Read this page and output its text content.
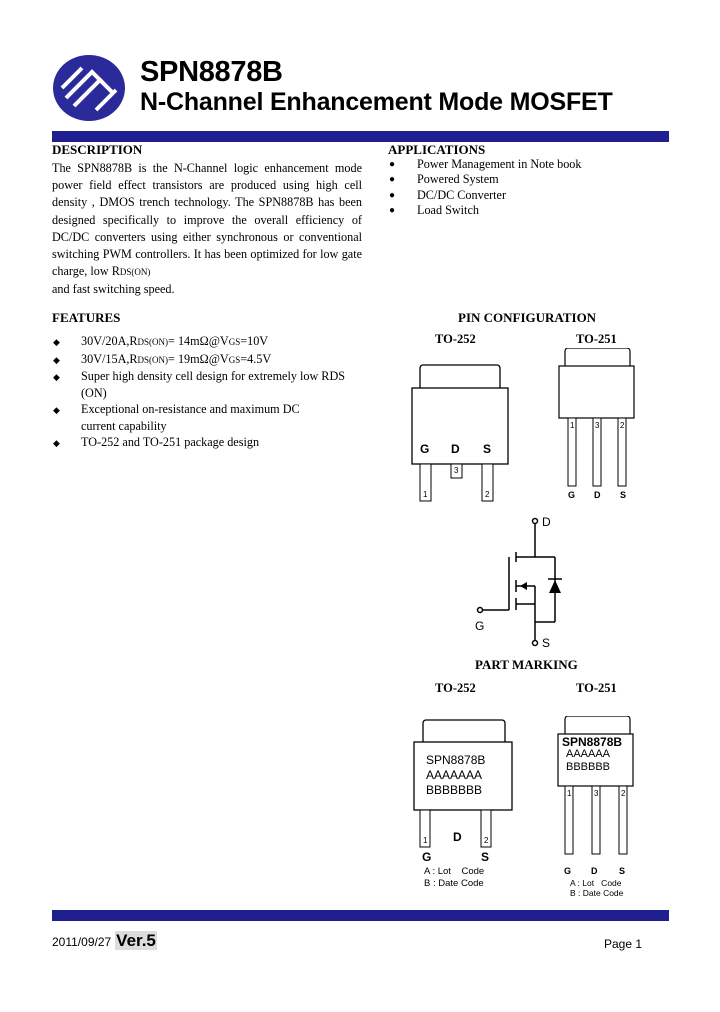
SPN8878B
N-Channel Enhancement Mode MOSFET
DESCRIPTION
The SPN8878B is the N-Channel logic enhancement mode power field effect transistors are produced using high cell density , DMOS trench technology. The SPN8878B has been designed specifically to improve the overall efficiency of DC/DC converters using either synchronous or conventional switching PWM controllers. It has been optimized for low gate charge, low RDS(ON)
and fast switching speed.
APPLICATIONS
● Power Management in Note book
● Powered System
● DC/DC Converter
● Load Switch
FEATURES
◆ 30V/20A,RDS(ON)= 14mΩ@VGS=10V
◆ 30V/15A,RDS(ON)= 19mΩ@VGS=4.5V
◆ Super high density cell design for extremely low RDS (ON)
◆ Exceptional on-resistance and maximum DC current capability
◆ TO-252 and TO-251 package design
PIN CONFIGURATION
TO-252	TO-251
G D S
1
3
2
1	3	2
G D S
D
G
S
PART MARKING
TO-252	TO-251
SPN8878B
AAAAAAA
BBBBBBB
1 D	2
G	S
A : Lot    Code
B : Date Code
SPN8878B
AAAAAA
BBBBBB
1	3	2
G D S
A : Lot   Code
B : Date Code
2011/09/27 Ver.5	Page 1
